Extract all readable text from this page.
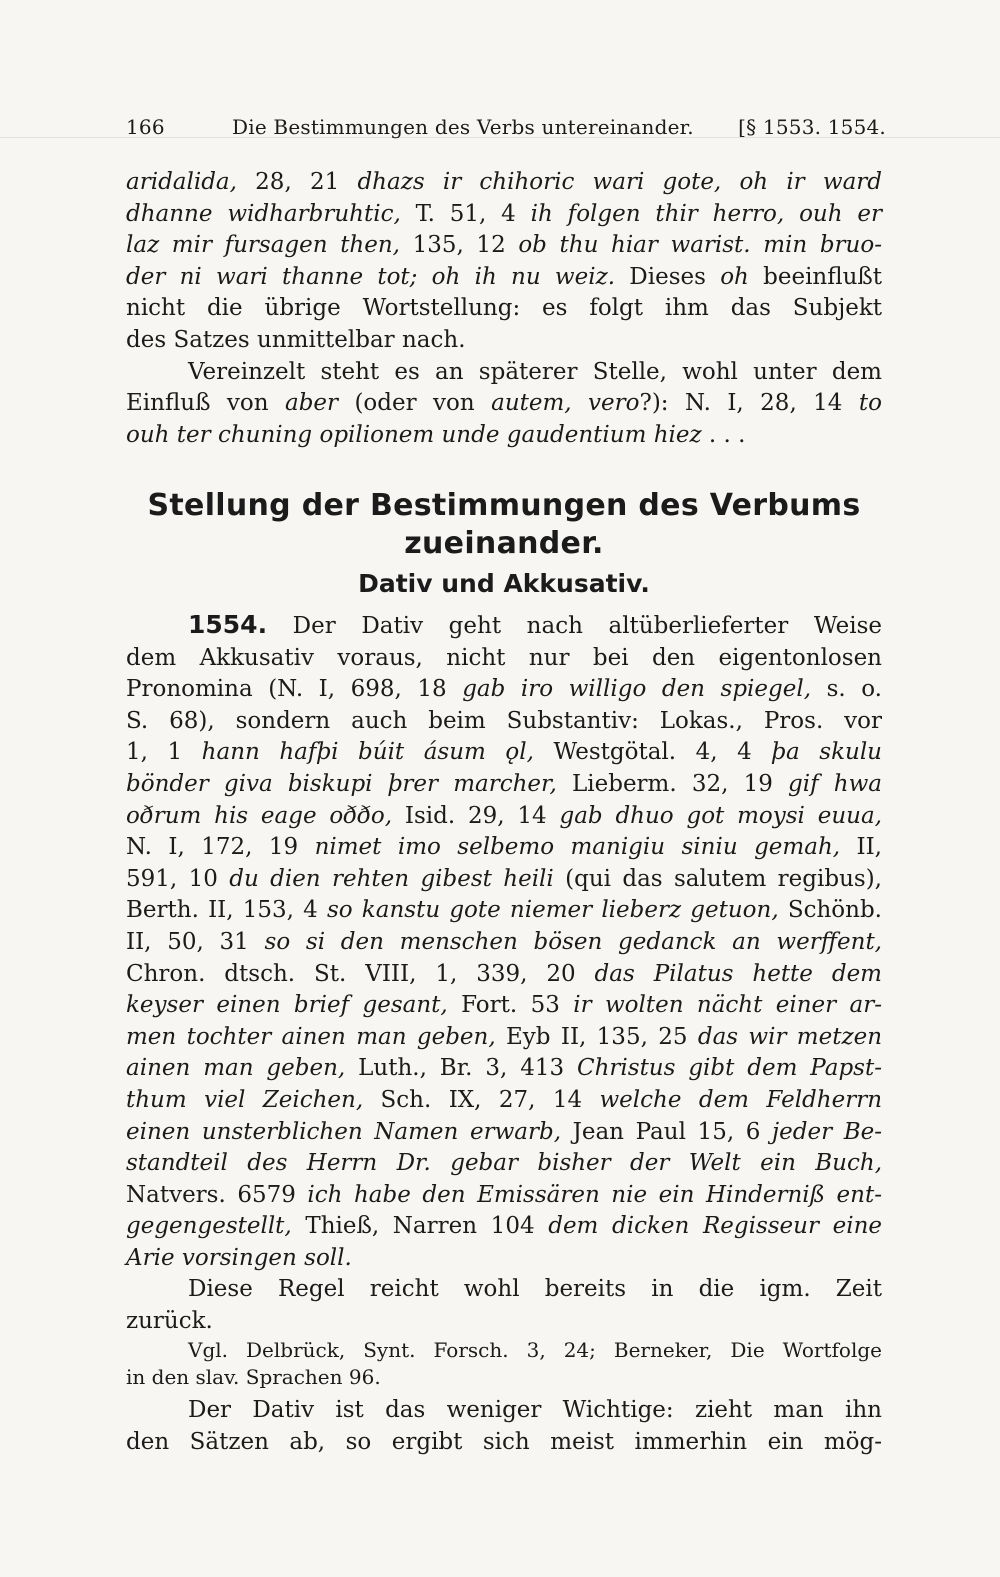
166	Die Bestimmungen des Verbs untereinander. [§ 1553. 1554.
aridalida, 28, 21 dhazs ir chihoric wari gote, oh ir ward
dhanne widharbruhtic, T. 51, 4 ih folgen thir herro, ouh er
laz mir fursagen then, 135, 12 ob thu hiar warist. min bruo-
der ni wari thanne tot; oh ih nu weiz. Dieses oh beeinflußt
nicht die übrige Wortstellung: es folgt ihm das Subjekt
des Satzes unmittelbar nach.
Vereinzelt steht es an späterer Stelle, wohl unter dem
Einfluß von aber (oder von autem, vero?): N. I, 28, 14 to
ouh ter chuning opilionem unde gaudentium hiez . . .
Stellung der Bestimmungen des Verbums
zueinander.
Dativ und Akkusativ.
1554. Der Dativ geht nach altüberlieferter Weise
dem Akkusativ voraus, nicht nur bei den eigentonlosen
Pronomina (N. I, 698, 18 gab iro willigo den spiegel, s. o.
S. 68), sondern auch beim Substantiv: Lokas., Pros. vor
1, 1 hann hafþi búit ásum ǫl, Westgötal. 4, 4 þa skulu
bönder giva biskupi þrer marcher, Lieberm. 32, 19 gif hwa
oðrum his eage oððo, Isid. 29, 14 gab dhuo got moysi euua,
N. I, 172, 19 nimet imo selbemo manigiu siniu gemah, II,
591, 10 du dien rehten gibest heili (qui das salutem regibus),
Berth. II, 153, 4 so kanstu gote niemer lieberz getuon, Schönb.
II, 50, 31 so si den menschen bösen gedanck an werffent,
Chron. dtsch. St. VIII, 1, 339, 20 das Pilatus hette dem
keyser einen brief gesant, Fort. 53 ir wolten nächt einer ar-
men tochter ainen man geben, Eyb II, 135, 25 das wir metzen
ainen man geben, Luth., Br. 3, 413 Christus gibt dem Papst-
thum viel Zeichen, Sch. IX, 27, 14 welche dem Feldherrn
einen unsterblichen Namen erwarb, Jean Paul 15, 6 jeder Be-
standteil des Herrn Dr. gebar bisher der Welt ein Buch,
Natvers. 6579 ich habe den Emissären nie ein Hinderniß ent-
gegengestellt, Thieß, Narren 104 dem dicken Regisseur eine
Arie vorsingen soll.
Diese Regel reicht wohl bereits in die igm. Zeit
zurück.
Vgl. Delbrück, Synt. Forsch. 3, 24; Berneker, Die Wortfolge
in den slav. Sprachen 96.
Der Dativ ist das weniger Wichtige: zieht man ihn
den Sätzen ab, so ergibt sich meist immerhin ein mög-
